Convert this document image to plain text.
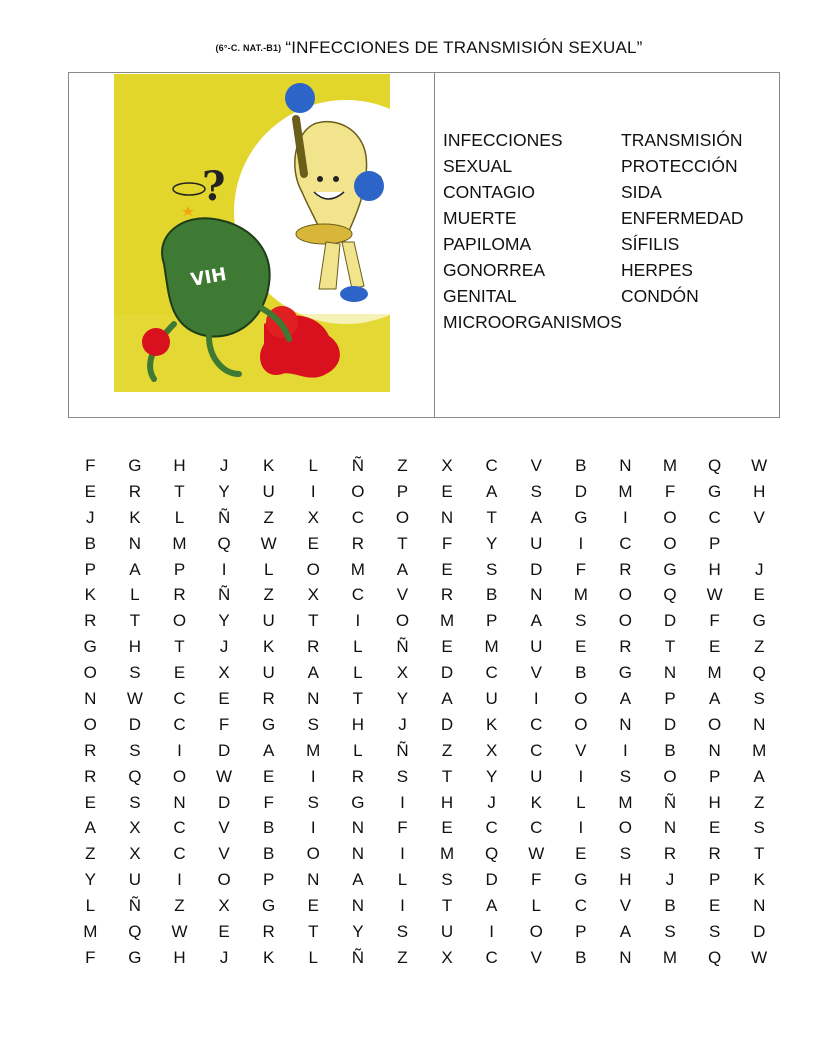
(6°-C. NAT.-B1) “INFECCIONES DE TRANSMISIÓN SEXUAL”
VIH
?
INFECCIONES	TRANSMISIÓN
SEXUAL	PROTECCIÓN
CONTAGIO	SIDA
MUERTE	ENFERMEDAD
PAPILOMA	SÍFILIS
GONORREA	HERPES
GENITAL	CONDÓN
MICROORGANISMOS
F	G	H	J	K	L	Ñ	Z	X	C	V	B	N	M	Q	W
E	R	T	Y	U	I	O	P	E	A	S	D	M	F	G	H
J	K	L	Ñ	Z	X	C	O	N	T	A	G	I	O	C	V
B	N	M	Q	W	E	R	T	F	Y	U	I	C	O	P
P	A	P	I	L	O	M	A	E	S	D	F	R	G	H	J
K	L	R	Ñ	Z	X	C	V	R	B	N	M	O	Q	W	E
R	T	O	Y	U	T	I	O	M	P	A	S	O	D	F	G
G	H	T	J	K	R	L	Ñ	E	M	U	E	R	T	E	Z
O	S	E	X	U	A	L	X	D	C	V	B	G	N	M	Q
N	W	C	E	R	N	T	Y	A	U	I	O	A	P	A	S
O	D	C	F	G	S	H	J	D	K	C	O	N	D	O	N
R	S	I	D	A	M	L	Ñ	Z	X	C	V	I	B	N	M
R	Q	O	W	E	I	R	S	T	Y	U	I	S	O	P	A
E	S	N	D	F	S	G	I	H	J	K	L	M	Ñ	H	Z
A	X	C	V	B	I	N	F	E	C	C	I	O	N	E	S
Z	X	C	V	B	O	N	I	M	Q	W	E	S	R	R	T
Y	U	I	O	P	N	A	L	S	D	F	G	H	J	P	K
L	Ñ	Z	X	G	E	N	I	T	A	L	C	V	B	E	N
M	Q	W	E	R	T	Y	S	U	I	O	P	A	S	S	D
F	G	H	J	K	L	Ñ	Z	X	C	V	B	N	M	Q	W
